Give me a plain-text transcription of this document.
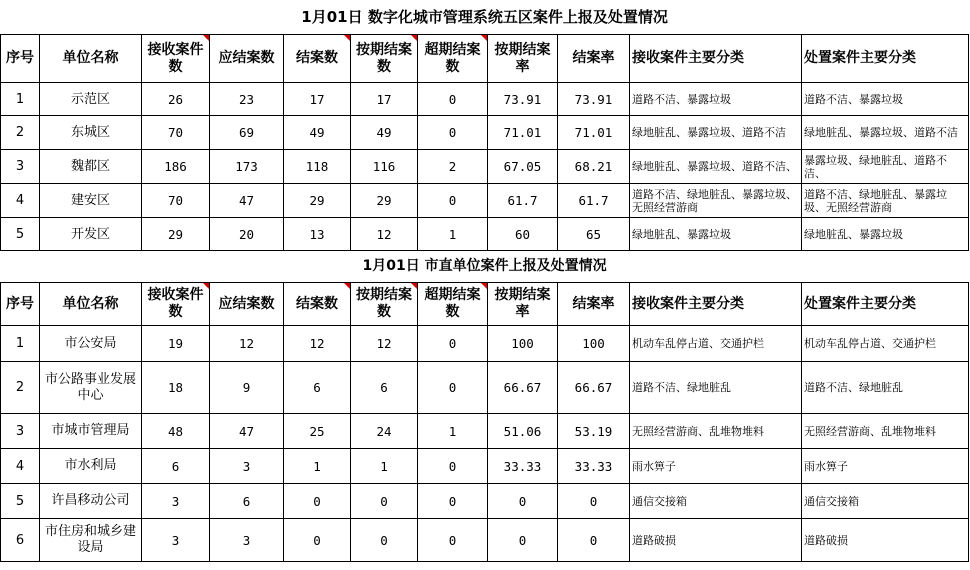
1月01日 数字化城市管理系统五区案件上报及处置情况										
序号	单位名称	接收案件数	应结案数	结案数	按期结案数	超期结案数	按期结案率	结案率	接收案件主要分类	处置案件主要分类
1	示范区	26	23	17	17	0	73.91	73.91	道路不洁、暴露垃圾	道路不洁、暴露垃圾
2	东城区	70	69	49	49	0	71.01	71.01	绿地脏乱、暴露垃圾、道路不洁	绿地脏乱、暴露垃圾、道路不洁
3	魏都区	186	173	118	116	2	67.05	68.21	绿地脏乱、暴露垃圾、道路不洁、	暴露垃圾、绿地脏乱、道路不洁、
4	建安区	70	47	29	29	0	61.7	61.7	道路不洁、绿地脏乱、暴露垃圾、无照经营游商	道路不洁、绿地脏乱、暴露垃圾、无照经营游商
5	开发区	29	20	13	12	1	60	65	绿地脏乱、暴露垃圾	绿地脏乱、暴露垃圾
1月01日 市直单位案件上报及处置情况										
序号	单位名称	接收案件数	应结案数	结案数	按期结案数	超期结案数	按期结案率	结案率	接收案件主要分类	处置案件主要分类
1	市公安局	19	12	12	12	0	100	100	机动车乱停占道、交通护栏	机动车乱停占道、交通护栏
2	市公路事业发展中心	18	9	6	6	0	66.67	66.67	道路不洁、绿地脏乱	道路不洁、绿地脏乱
3	市城市管理局	48	47	25	24	1	51.06	53.19	无照经营游商、乱堆物堆料	无照经营游商、乱堆物堆料
4	市水利局	6	3	1	1	0	33.33	33.33	雨水箅子	雨水箅子
5	许昌移动公司	3	6	0	0	0	0	0	通信交接箱	通信交接箱
6	市住房和城乡建设局	3	3	0	0	0	0	0	道路破损	道路破损
